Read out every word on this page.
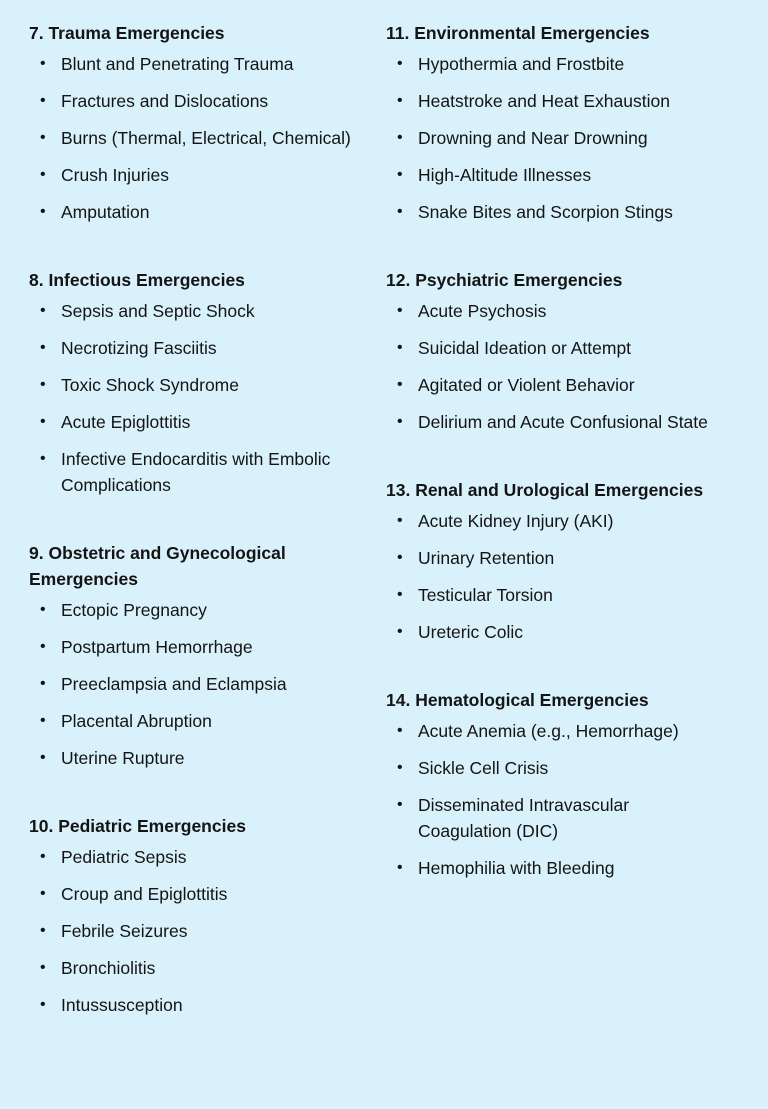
7. Trauma Emergencies
• Blunt and Penetrating Trauma
• Fractures and Dislocations
• Burns (Thermal, Electrical, Chemical)
• Crush Injuries
• Amputation
8. Infectious Emergencies
• Sepsis and Septic Shock
• Necrotizing Fasciitis
• Toxic Shock Syndrome
• Acute Epiglottitis
• Infective Endocarditis with Embolic Complications
9. Obstetric and Gynecological Emergencies
• Ectopic Pregnancy
• Postpartum Hemorrhage
• Preeclampsia and Eclampsia
• Placental Abruption
• Uterine Rupture
10. Pediatric Emergencies
• Pediatric Sepsis
• Croup and Epiglottitis
• Febrile Seizures
• Bronchiolitis
• Intussusception
11. Environmental Emergencies
• Hypothermia and Frostbite
• Heatstroke and Heat Exhaustion
• Drowning and Near Drowning
• High-Altitude Illnesses
• Snake Bites and Scorpion Stings
12. Psychiatric Emergencies
• Acute Psychosis
• Suicidal Ideation or Attempt
• Agitated or Violent Behavior
• Delirium and Acute Confusional State
13. Renal and Urological Emergencies
• Acute Kidney Injury (AKI)
• Urinary Retention
• Testicular Torsion
• Ureteric Colic
14. Hematological Emergencies
• Acute Anemia (e.g., Hemorrhage)
• Sickle Cell Crisis
• Disseminated Intravascular Coagulation (DIC)
• Hemophilia with Bleeding
